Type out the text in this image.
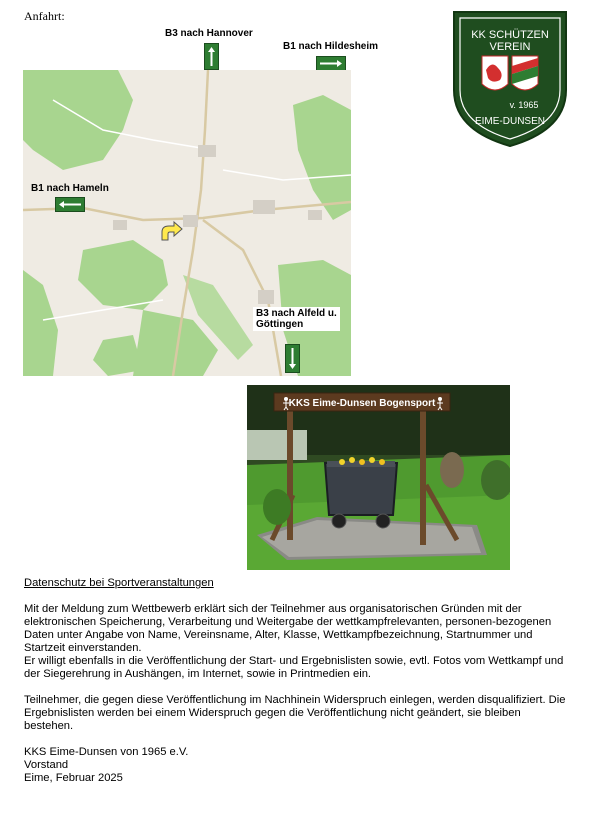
Anfahrt:
B3 nach Hannover
B1 nach Hildesheim
B1 nach Hameln
B3 nach Alfeld u.
Göttingen
KKS Eime-Dunsen Bogensport
KK SCHÜTZEN
VEREIN
v. 1965
EIME-DUNSEN
Datenschutz bei Sportveranstaltungen

Mit der Meldung zum Wettbewerb erklärt sich der Teilnehmer aus organisatorischen Gründen mit der elektronischen Speicherung, Verarbeitung und Weitergabe der wettkampfrelevanten, personen-bezogenen Daten unter Angabe von Name, Vereinsname, Alter, Klasse, Wettkampfbezeichnung, Startnummer und Startzeit einverstanden.
Er willigt ebenfalls in die Veröffentlichung der Start- und Ergebnislisten sowie, evtl. Fotos vom Wettkampf und der Siegerehrung in Aushängen, im Internet, sowie in Printmedien ein.

Teilnehmer, die gegen diese Veröffentlichung im Nachhinein Widerspruch einlegen, werden disqualifiziert. Die Ergebnislisten werden bei einem Widerspruch gegen die Veröffentlichung nicht geändert, sie bleiben bestehen.

KKS Eime-Dunsen von 1965 e.V.
Vorstand
Eime, Februar 2025
